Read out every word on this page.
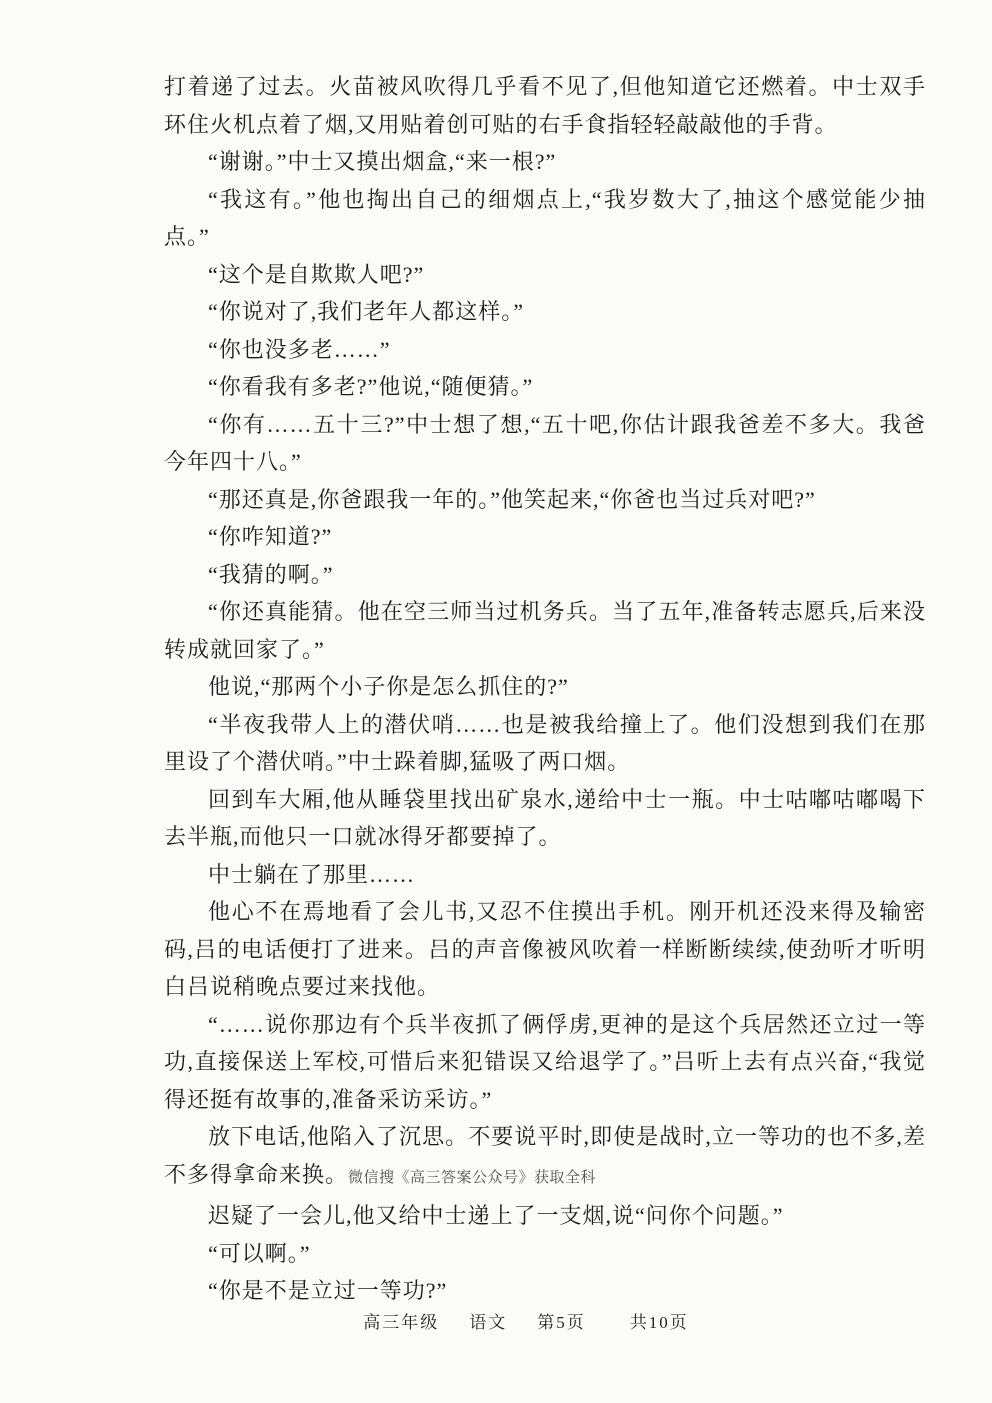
打着递了过去。火苗被风吹得几乎看不见了,但他知道它还燃着。中士双手环住火机点着了烟,又用贴着创可贴的右手食指轻轻敲敲他的手背。

“谢谢。”中士又摸出烟盒,“来一根?”

“我这有。”他也掏出自己的细烟点上,“我岁数大了,抽这个感觉能少抽点。”

“这个是自欺欺人吧?”

“你说对了,我们老年人都这样。”

“你也没多老……”

“你看我有多老?”他说,“随便猜。”

“你有……五十三?”中士想了想,“五十吧,你估计跟我爸差不多大。我爸今年四十八。”

“那还真是,你爸跟我一年的。”他笑起来,“你爸也当过兵对吧?”

“你咋知道?”

“我猜的啊。”

“你还真能猜。他在空三师当过机务兵。当了五年,准备转志愿兵,后来没转成就回家了。”

他说,“那两个小子你是怎么抓住的?”

“半夜我带人上的潜伏哨……也是被我给撞上了。他们没想到我们在那里设了个潜伏哨。”中士跺着脚,猛吸了两口烟。

回到车大厢,他从睡袋里找出矿泉水,递给中士一瓶。中士咕嘟咕嘟喝下去半瓶,而他只一口就冰得牙都要掉了。

中士躺在了那里……

他心不在焉地看了会儿书,又忍不住摸出手机。刚开机还没来得及输密码,吕的电话便打了进来。吕的声音像被风吹着一样断断续续,使劲听才听明白吕说稍晚点要过来找他。

“……说你那边有个兵半夜抓了俩俘虏,更神的是这个兵居然还立过一等功,直接保送上军校,可惜后来犯错误又给退学了。”吕听上去有点兴奋,“我觉得还挺有故事的,准备采访采访。”

放下电话,他陷入了沉思。不要说平时,即使是战时,立一等功的也不多,差不多得拿命来换。微信搜《高三答案公众号》获取全科

迟疑了一会儿,他又给中士递上了一支烟,说“问你个问题。”

“可以啊。”

“你是不是立过一等功?”

高三年级 语文 第5页	共10页
